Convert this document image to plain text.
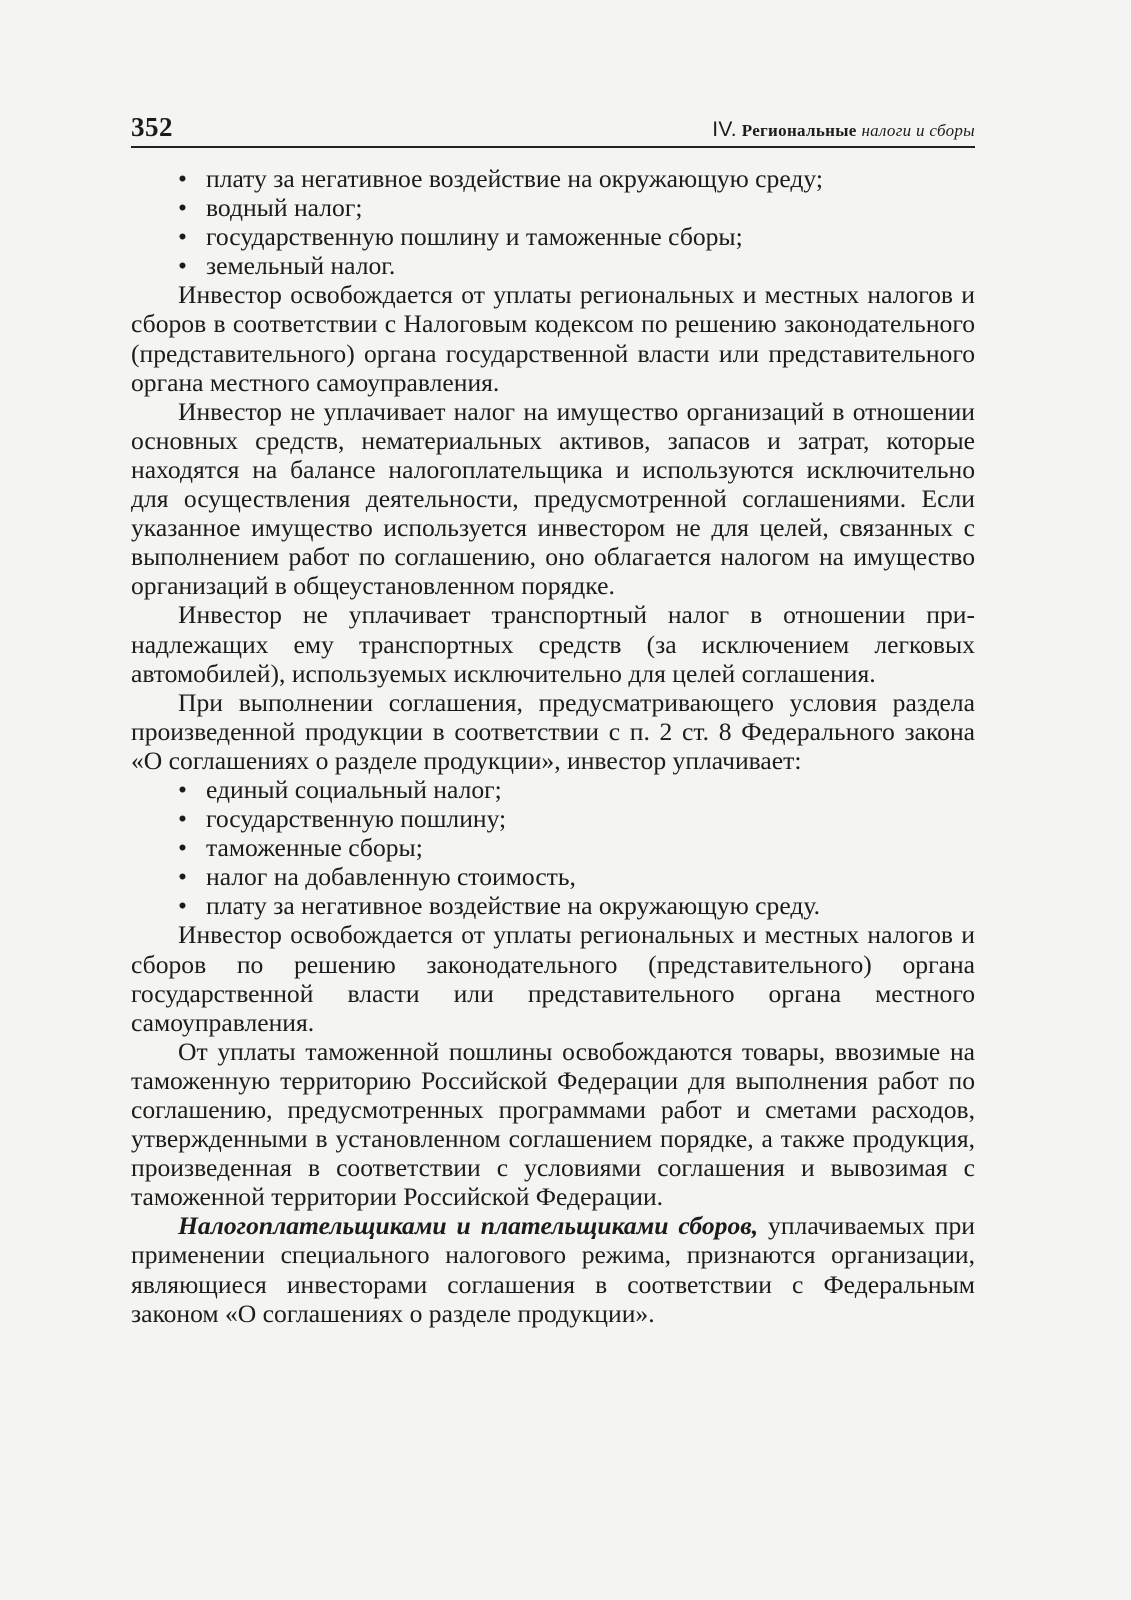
352	IV. Региональные налоги и сборы
• плату за негативное воздействие на окружающую среду;
• водный налог;
• государственную пошлину и таможенные сборы;
• земельный налог.

Инвестор освобождается от уплаты региональных и местных налогов и сборов в соответствии с Налоговым кодексом по решению законодательного (представительного) органа государственной власти или представительного органа местного самоуправления.

Инвестор не уплачивает налог на имущество организаций в отношении основных средств, нематериальных активов, запасов и затрат, которые находятся на балансе налогоплательщика и используются исключительно для осуществления деятельности, предусмотренной соглашениями. Если указанное имущество используется инвестором не для целей, связанных с выполнением работ по соглашению, оно облагается налогом на имущество организаций в общеустановленном порядке.

Инвестор не уплачивает транспортный налог в отношении принадлежащих ему транспортных средств (за исключением легковых автомобилей), используемых исключительно для целей соглашения.

При выполнении соглашения, предусматривающего условия раздела произведенной продукции в соответствии с п. 2 ст. 8 Федерального закона «О соглашениях о разделе продукции», инвестор уплачивает:

• единый социальный налог;
• государственную пошлину;
• таможенные сборы;
• налог на добавленную стоимость,
• плату за негативное воздействие на окружающую среду.

Инвестор освобождается от уплаты региональных и местных налогов и сборов по решению законодательного (представительного) органа государственной власти или представительного органа местного самоуправления.

От уплаты таможенной пошлины освобождаются товары, ввозимые на таможенную территорию Российской Федерации для выполнения работ по соглашению, предусмотренных программами работ и сметами расходов, утвержденными в установленном соглашением порядке, а также продукция, произведенная в соответствии с условиями соглашения и вывозимая с таможенной территории Российской Федерации.

Налогоплательщиками и плательщиками сборов, уплачиваемых при применении специального налогового режима, признаются организации, являющиеся инвесторами соглашения в соответствии с Федеральным законом «О соглашениях о разделе продукции».
